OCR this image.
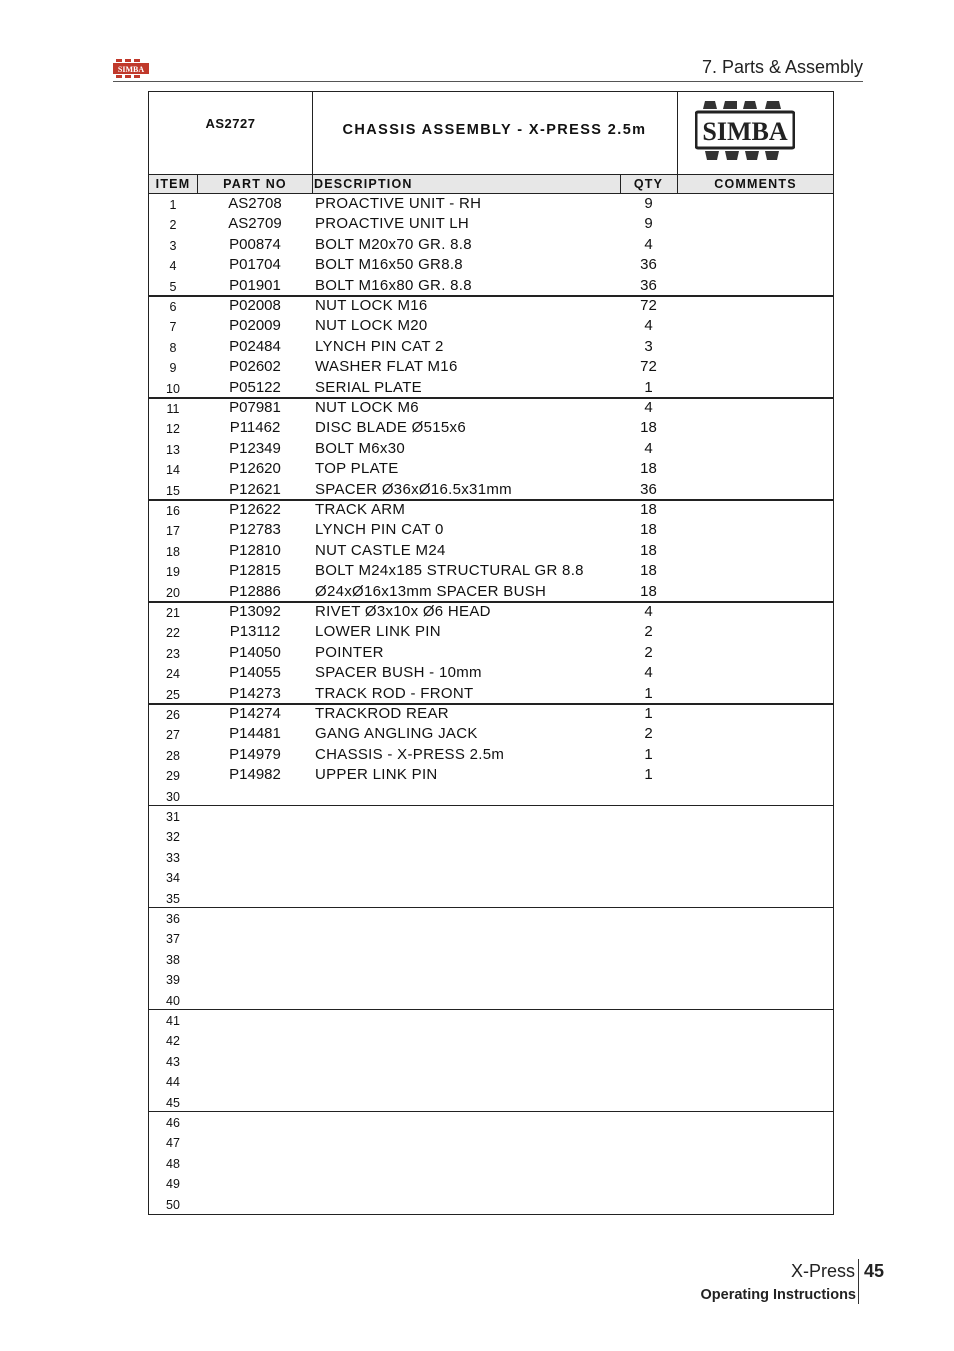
SIMBA	7. Parts & Assembly
AS2727	CHASSIS ASSEMBLY - X-PRESS 2.5m	SIMBA
ITEM	PART NO	DESCRIPTION	QTY	COMMENTS
1	AS2708	PROACTIVE UNIT - RH	9
2	AS2709	PROACTIVE UNIT LH	9
3	P00874	BOLT M20x70 GR. 8.8	4
4	P01704	BOLT M16x50 GR8.8	36
5	P01901	BOLT M16x80 GR. 8.8	36
6	P02008	NUT LOCK M16	72
7	P02009	NUT LOCK M20	4
8	P02484	LYNCH PIN CAT 2	3
9	P02602	WASHER FLAT M16	72
10	P05122	SERIAL PLATE	1
11	P07981	NUT LOCK M6	4
12	P11462	DISC BLADE Ø515x6	18
13	P12349	BOLT M6x30	4
14	P12620	TOP PLATE	18
15	P12621	SPACER Ø36xØ16.5x31mm	36
16	P12622	TRACK ARM	18
17	P12783	LYNCH PIN CAT 0	18
18	P12810	NUT CASTLE M24	18
19	P12815	BOLT M24x185 STRUCTURAL GR 8.8	18
20	P12886	Ø24xØ16x13mm SPACER BUSH	18
21	P13092	RIVET Ø3x10x Ø6 HEAD	4
22	P13112	LOWER LINK PIN	2
23	P14050	POINTER	2
24	P14055	SPACER BUSH - 10mm	4
25	P14273	TRACK ROD - FRONT	1
26	P14274	TRACKROD REAR	1
27	P14481	GANG ANGLING JACK	2
28	P14979	CHASSIS - X-PRESS 2.5m	1
29	P14982	UPPER LINK PIN	1
30
31
32
33
34
35
36
37
38
39
40
41
42
43
44
45
46
47
48
49
50
X-Press 45
Operating Instructions
